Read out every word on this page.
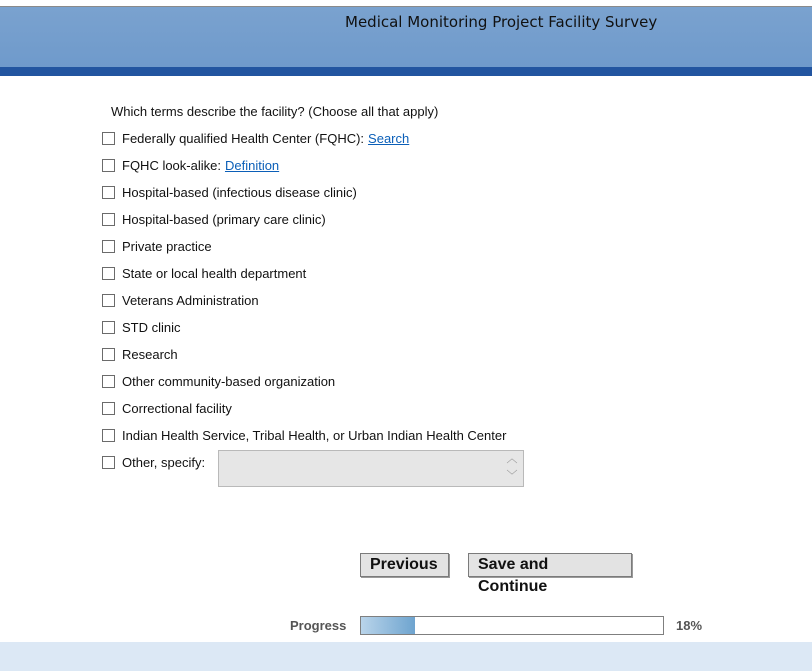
Medical Monitoring Project Facility Survey
Which terms describe the facility? (Choose all that apply)
Federally qualified Health Center (FQHC): Search
FQHC look-alike: Definition
Hospital-based (infectious disease clinic)
Hospital-based (primary care clinic)
Private practice
State or local health department
Veterans Administration
STD clinic
Research
Other community-based organization
Correctional facility
Indian Health Service, Tribal Health, or Urban Indian Health Center
Other, specify:	︿
﹀
Previous	Save and Continue
Progress	18%
